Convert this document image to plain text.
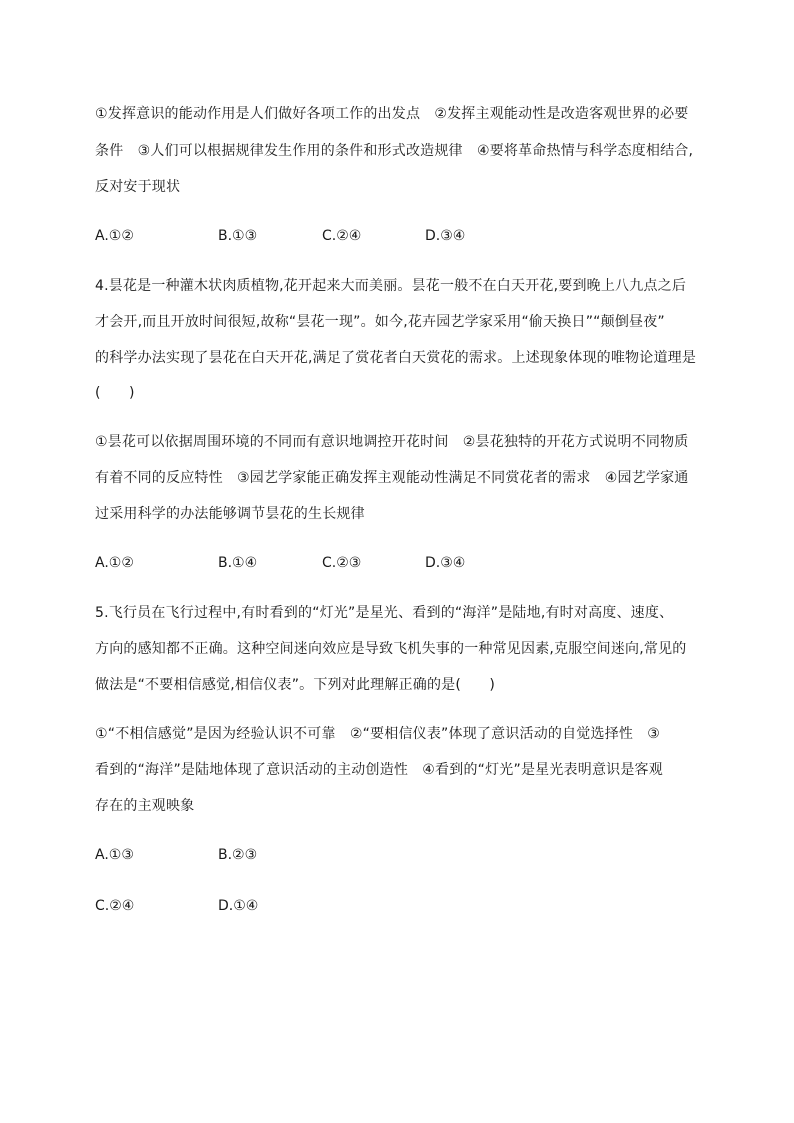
①发挥意识的能动作用是人们做好各项工作的出发点　②发挥主观能动性是改造客观世界的必要
条件　③人们可以根据规律发生作用的条件和形式改造规律　④要将革命热情与科学态度相结合,
反对安于现状
A.①②	B.①③	C.②④	D.③④
4.昙花是一种灌木状肉质植物,花开起来大而美丽。昙花一般不在白天开花,要到晚上八九点之后
才会开,而且开放时间很短,故称“昙花一现”。如今,花卉园艺学家采用“偷天换日”“颠倒昼夜”
的科学办法实现了昙花在白天开花,满足了赏花者白天赏花的需求。上述现象体现的唯物论道理是
(　　)
①昙花可以依据周围环境的不同而有意识地调控开花时间　②昙花独特的开花方式说明不同物质
有着不同的反应特性　③园艺学家能正确发挥主观能动性满足不同赏花者的需求　④园艺学家通
过采用科学的办法能够调节昙花的生长规律
A.①②	B.①④	C.②③	D.③④
5.飞行员在飞行过程中,有时看到的“灯光”是星光、看到的“海洋”是陆地,有时对高度、速度、
方向的感知都不正确。这种空间迷向效应是导致飞机失事的一种常见因素,克服空间迷向,常见的
做法是“不要相信感觉,相信仪表”。下列对此理解正确的是(　　)
①“不相信感觉”是因为经验认识不可靠　②“要相信仪表”体现了意识活动的自觉选择性　③
看到的“海洋”是陆地体现了意识活动的主动创造性　④看到的“灯光”是星光表明意识是客观
存在的主观映象
A.①③	B.②③
C.②④	D.①④
